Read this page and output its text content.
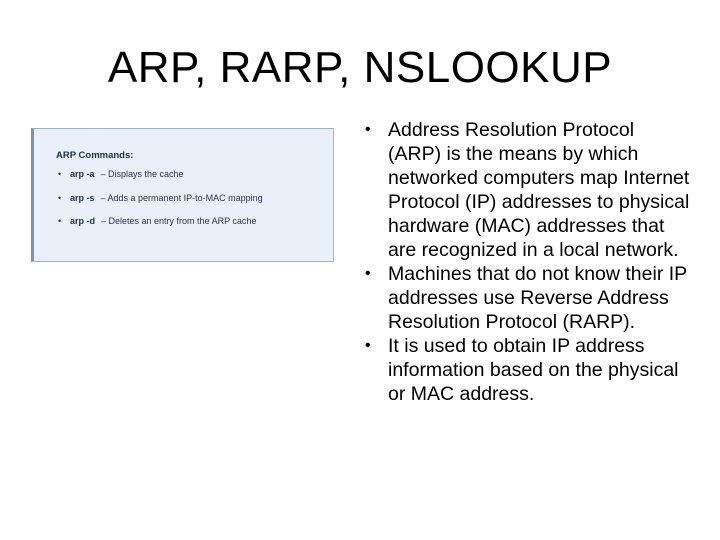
ARP, RARP, NSLOOKUP
ARP Commands:
• arp -a – Displays the cache
• arp -s – Adds a permanent IP-to-MAC mapping
• arp -d – Deletes an entry from the ARP cache
• Address Resolution Protocol (ARP) is the means by which networked computers map Internet Protocol (IP) addresses to physical hardware (MAC) addresses that are recognized in a local network.
• Machines that do not know their IP addresses use Reverse Address Resolution Protocol (RARP).
• It is used to obtain IP address information based on the physical or MAC address.
